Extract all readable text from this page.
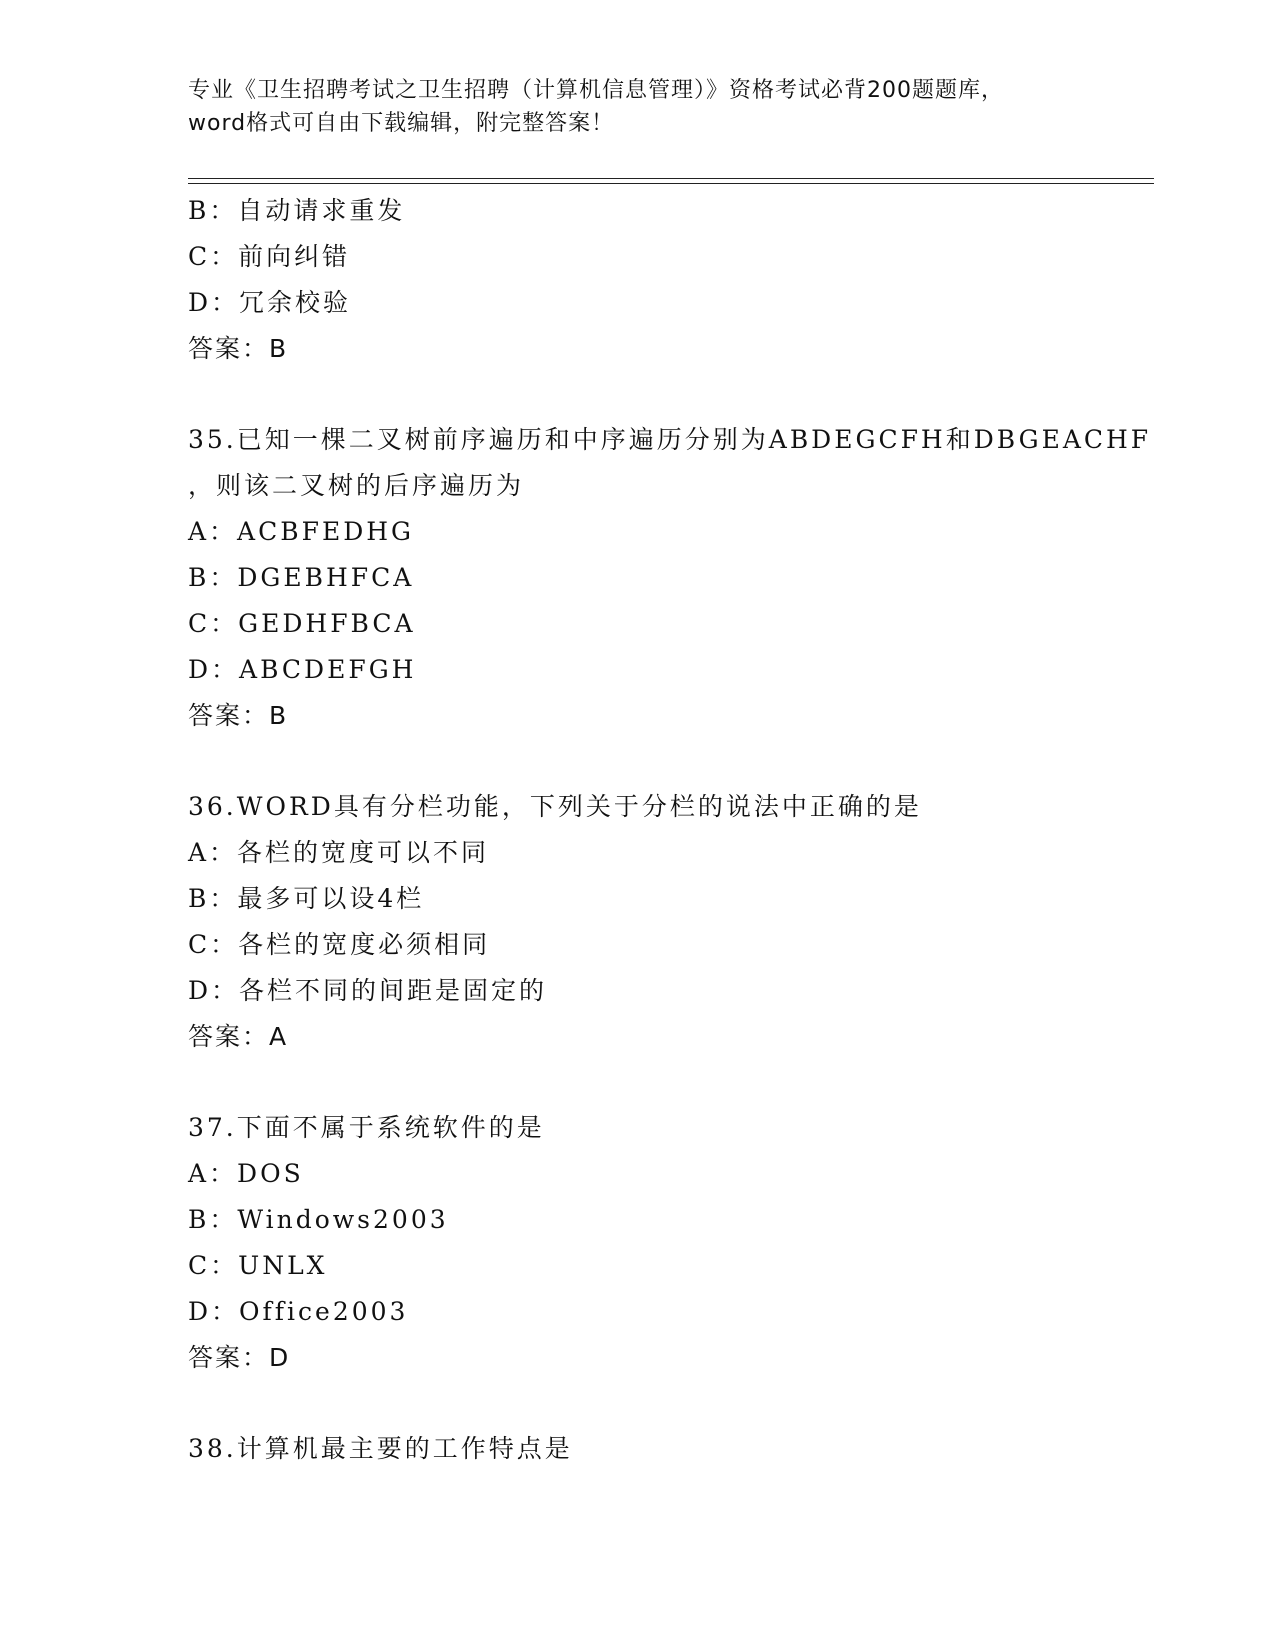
专业《卫生招聘考试之卫生招聘（计算机信息管理）》资格考试必背200题题库，
word格式可自由下载编辑，附完整答案！
B：自动请求重发
C：前向纠错
D：冗余校验
答案：B
35.已知一棵二叉树前序遍历和中序遍历分别为ABDEGCFH和DBGEACHF
，则该二叉树的后序遍历为
A：ACBFEDHG
B：DGEBHFCA
C：GEDHFBCA
D：ABCDEFGH
答案：B
36.WORD具有分栏功能，下列关于分栏的说法中正确的是
A：各栏的宽度可以不同
B：最多可以设4栏
C：各栏的宽度必须相同
D：各栏不同的间距是固定的
答案：A
37.下面不属于系统软件的是
A：DOS
B：Windows2003
C：UNLX
D：Office2003
答案：D
38.计算机最主要的工作特点是
